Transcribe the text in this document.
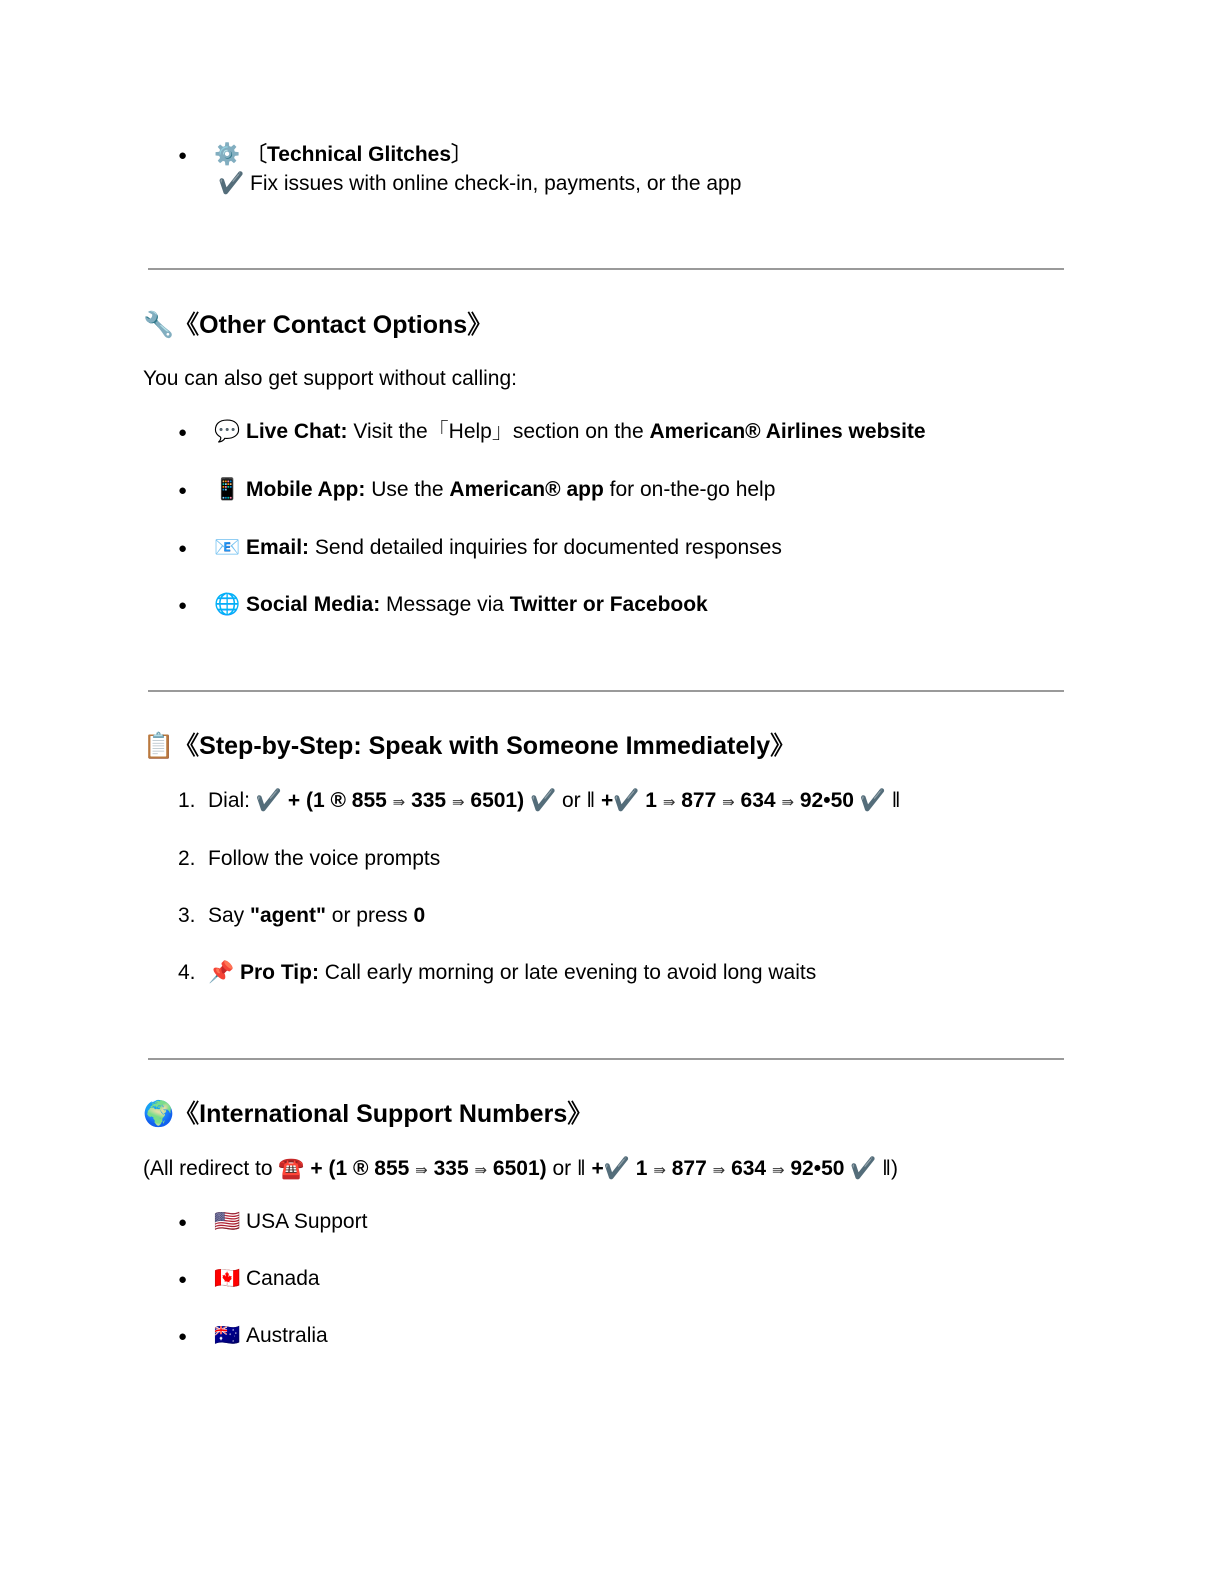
● ⚙️ 〔Technical Glitches〕
✔️ Fix issues with online check-in, payments, or the app
🔧《Other Contact Options》
You can also get support without calling:
● 💬 Live Chat: Visit the「Help」section on the American® Airlines website
● 📱 Mobile App: Use the American® app for on-the-go help
● 📧 Email: Send detailed inquiries for documented responses
● 🌐 Social Media: Message via Twitter or Facebook
📋《Step-by-Step: Speak with Someone Immediately》
1. Dial: ✔️ + (1 ® 855 ⇛ 335 ⇛ 6501) ✔️ or ‖ +✔️ 1 ⇛ 877 ⇛ 634 ⇛ 92•50 ✔️ ‖
2. Follow the voice prompts
3. Say "agent" or press 0
4. 📌 Pro Tip: Call early morning or late evening to avoid long waits
🌍《International Support Numbers》
(All redirect to ☎️ + (1 ® 855 ⇛ 335 ⇛ 6501) or ‖ +✔️ 1 ⇛ 877 ⇛ 634 ⇛ 92•50 ✔️ ‖)
● 🇺🇸 USA Support
● 🇨🇦 Canada
● 🇦🇺 Australia
